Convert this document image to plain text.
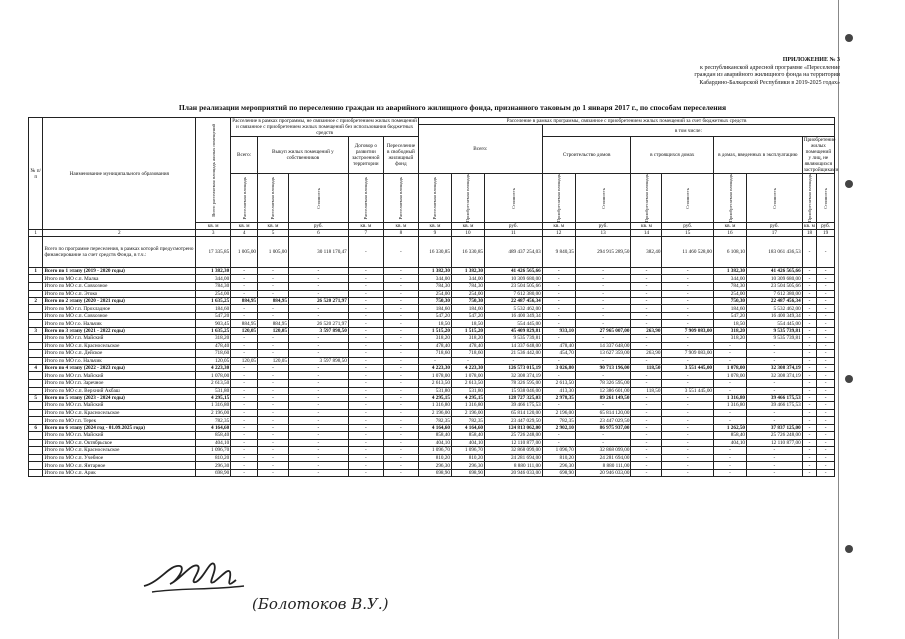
ПРИЛОЖЕНИЕ № 3
к республиканской адресной программе «Переселение
граждан из аварийного жилищного фонда на территории
Кабардино-Балкарской Республики в 2019-2025 годах»
План реализации мероприятий по переселению граждан из аварийного жилищного фонда, признанного таковым до 1 января 2017 г., по способам переселения
№ п/п	Наименование муниципального образования	Всего расселяемая площадь жилых помещений	Расселение в рамках программы, не связанное с приобретением жилых помещений и связанное с приобретением жилых помещений без использования бюджетных средств					Расселение в рамках программы, связанное с приобретением жилых помещений за счет бюджетных средств										
								Всего:			в том числе:							
			Всего:	Выкуп жилых помещений у собственников		Договор о развитии застроенной территории	Переселение в свободный жилищный фонд				Строительство домов		в строящихся домах		в домах, введенных в эксплуатацию		Приобретение жилых помещений у лиц, не являющихся застройщиками	

			Расселяемая площадь	Расселяемая площадь	Стоимость	Расселяемая площадь	Расселяемая площадь	Расселяемая площадь	Приобретаемая площадь	Стоимость	Приобретаемая площадь	Стоимость	Приобретаемая площадь	Стоимость	Приобретаемая площадь	Стоимость	Приобретаемая площадь	Стоимость

		кв. м	кв. м	кв. м	руб.	кв. м	кв. м	кв. м	кв. м	руб.	кв. м	руб.	кв. м	руб.	кв. м	руб.	кв. м	руб.
1	2	3	4	5	6	7	8	9	10	11	12	13	14	15	16	17	18	19
	Всего по программе переселения, в рамках которой предусмотрено финансирование за счет средств Фонда, в т.ч.:	17 335,85	1 005,00	1 005,00	30 118 170,47	-	-	16 330,85	16 330,85	489 437 254,03	9 840,35	294 915 289,50	382,40	11 460 528,00	6 108,10	183 061 436,53	-	-
1	Всего по 1 этапу (2019 - 2020 годы)	1 382,30	-	-	-	-	-	1 382,30	1 382,30	41 426 565,66	-	-	-	-	1 382,30	41 426 565,66	-	-
	Итого по МО с.п. Малка	344,00	-	-	-	-	-	344,00	344,00	10 309 680,00	-	-	-	-	344,00	10 309 680,00	-	-
	Итого по МО с.п. Совхозное	784,30	-	-	-	-	-	784,30	784,30	23 504 505,66	-	-	-	-	784,30	23 504 505,66	-	-
	Итого по МО с.п. Этоко	254,00	-	-	-	-	-	254,00	254,00	7 612 380,00	-	-	-	-	254,00	7 612 380,00	-	-
2	Всего по 2 этапу (2020 - 2021 годы)	1 635,25	884,95	884,95	26 520 271,97	-	-	750,30	750,30	22 487 456,34	-	-	-	-	750,30	22 487 456,34	-	-
	Итого по МО г.п. Прохладное	184,60	-	-	-	-	-	184,60	184,60	5 532 462,00	-	-	-	-	184,60	5 532 462,00	-	-
	Итого по МО с.п. Совхозное	547,20	-	-	-	-	-	547,20	547,20	16 400 349,34	-	-	-	-	547,20	16 400 349,34	-	-
	Итого по МО г.о. Нальчик	903,45	884,95	884,95	26 520 271,97	-	-	18,50	18,50	554 445,00	-	-	-	-	18,50	554 445,00	-	-
3	Всего по 3 этапу (2021 - 2022 годы)	1 635,25	120,05	120,05	3 597 898,50	-	-	1 515,20	1 515,20	45 409 829,81	933,10	27 965 007,00	263,90	7 909 083,00	318,20	9 535 739,81	-	-
	Итого по МО г.п. Майский	318,20	-	-	-	-	-	318,20	318,20	9 535 739,81	-	-	-	-	318,20	9 535 739,81	-	-
	Итого по МО с.п. Красносельское	478,40	-	-	-	-	-	478,40	478,40	14 337 648,00	478,40	14 337 648,00	-	-	-	-	-	-
	Итого по МО с.п. Дейское	718,60	-	-	-	-	-	718,60	718,60	21 536 442,00	454,70	13 627 359,00	263,90	7 909 083,00	-	-	-	-
	Итого по МО г.о. Нальчик	120,05	120,05	120,05	3 597 898,50	-	-	-	-	-	-	-	-	-	-	-	-	-
4	Всего по 4 этапу (2022 - 2023 годы)	4 223,30	-	-	-	-	-	4 223,30	4 223,30	126 573 015,19	3 026,80	90 713 196,00	118,50	3 551 445,00	1 078,00	32 308 374,19	-	-
	Итого по МО г.п. Майский	1 078,00	-	-	-	-	-	1 078,00	1 078,00	32 308 374,19	-	-	-	-	1 078,00	32 308 374,19	-	-
	Итого по МО г.п. Заречное	2 613,50	-	-	-	-	-	2 613,50	2 613,50	78 326 595,00	2 613,50	78 326 595,00	-	-	-	-	-	-
	Итого по МО с.п. Верхний Акбаш	531,80	-	-	-	-	-	531,80	531,80	15 938 046,00	413,30	12 386 601,00	118,50	3 551 445,00	-	-	-	-
5	Всего по 5 этапу (2023 - 2024 годы)	4 295,15	-	-	-	-	-	4 295,15	4 295,15	128 727 325,03	2 978,35	89 261 149,50	-	-	1 316,80	39 466 175,53	-	-
	Итого по МО г.п. Майский	1 316,80	-	-	-	-	-	1 316,80	1 316,80	39 466 175,53	-	-	-	-	1 316,80	39 466 175,53	-	-
	Итого по МО с.п. Красносельское	2 196,00	-	-	-	-	-	2 196,00	2 196,00	65 814 120,00	2 196,00	65 814 120,00	-	-	-	-	-	-
	Итого по МО г.п. Терек	782,35	-	-	-	-	-	782,35	782,35	23 447 029,50	782,35	23 447 029,50	-	-	-	-	-	-
6	Всего по 6 этапу (2024 год - 01.09.2025 года)	4 164,60	-	-	-	-	-	4 164,60	4 164,60	124 813 062,00	2 902,10	86 975 937,00	-	-	1 262,50	37 837 125,00	-	-
	Итого по МО г.п. Майский	858,40	-	-	-	-	-	858,40	858,40	25 726 248,00	-	-	-	-	858,40	25 726 248,00	-	-
	Итого по МО с.п. Октябрьское	404,10	-	-	-	-	-	404,10	404,10	12 110 877,00	-	-	-	-	404,10	12 110 877,00	-	-
	Итого по МО с.п. Красносельское	1 096,70	-	-	-	-	-	1 096,70	1 096,70	32 868 099,00	1 096,70	32 868 099,00	-	-	-	-	-	-
	Итого по МО с.п. Учебное	810,20	-	-	-	-	-	810,20	810,20	24 281 694,00	810,20	24 281 694,00	-	-	-	-	-	-
	Итого по МО с.п. Янтарное	296,30	-	-	-	-	-	296,30	296,30	8 880 111,00	296,30	8 880 111,00	-	-	-	-	-	-
	Итого по МО с.п. Арик	698,90	-	-	-	-	-	698,90	698,90	20 946 033,00	698,90	20 946 033,00	-	-	-	-	-	-
(Болотоков В.У.)
